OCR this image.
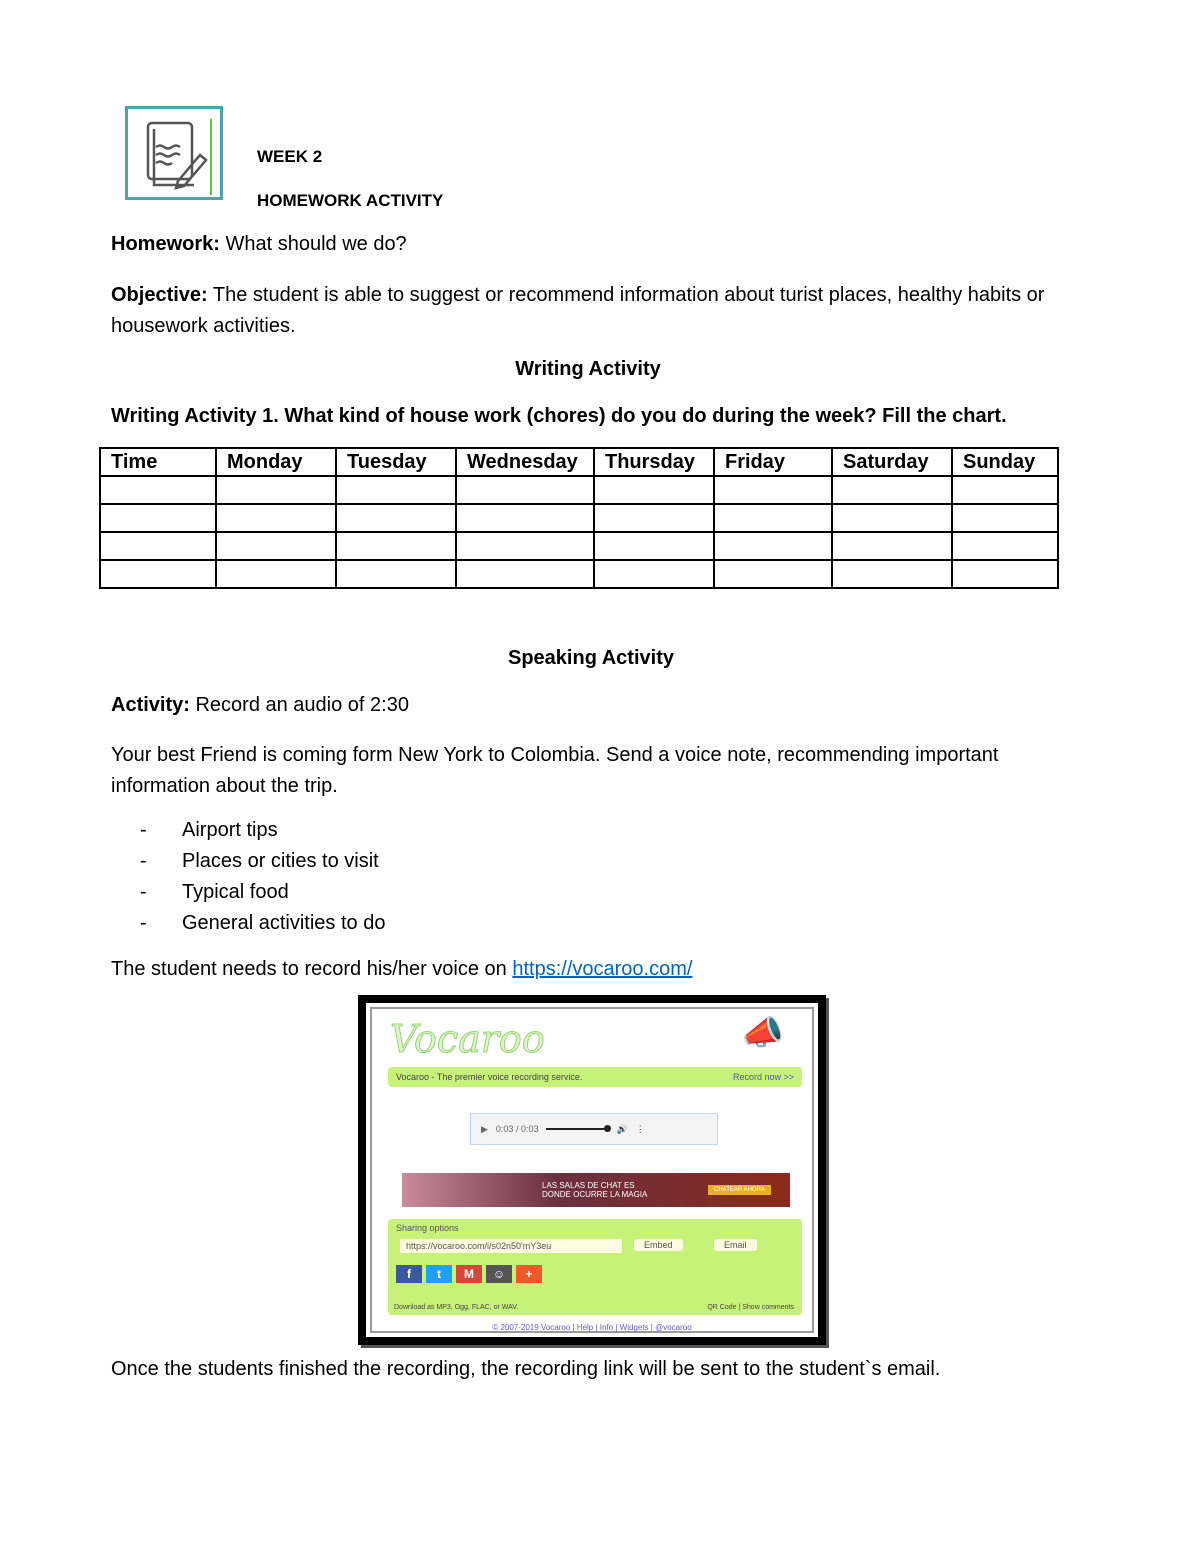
WEEK 2
HOMEWORK ACTIVITY
Homework: What should we do?
Objective: The student is able to suggest or recommend information about turist places, healthy habits or housework activities.
Writing Activity
Writing Activity 1. What kind of house work (chores) do you do during the week? Fill the chart.
Time	Monday	Tuesday	Wednesday	Thursday	Friday	Saturday	Sunday

Speaking Activity
Activity: Record an audio of 2:30
Your best Friend is coming form New York to Colombia. Send a voice note, recommending important information about the trip.
- Airport tips
- Places or cities to visit
- Typical food
- General activities to do
The student needs to record his/her voice on https://vocaroo.com/
Vocaroo	📣
Vocaroo - The premier voice recording service.	Record now >>
▶ 0:03 / 0:03	🔊 ⋮
LAS SALAS DE CHAT ES DONDE OCURRE LA MAGIA	CHATEAR AHORA
Sharing options
https://vocaroo.com/i/s02n50'mY3eu	Embed	Email
f	t	M	☺	+
Download as MP3, Ogg, FLAC, or WAV.	QR Code | Show comments
© 2007-2019 Vocaroo | Help | Info | Widgets | @vocaroo
Once the students finished the recording, the recording link will be sent to the student`s email.
